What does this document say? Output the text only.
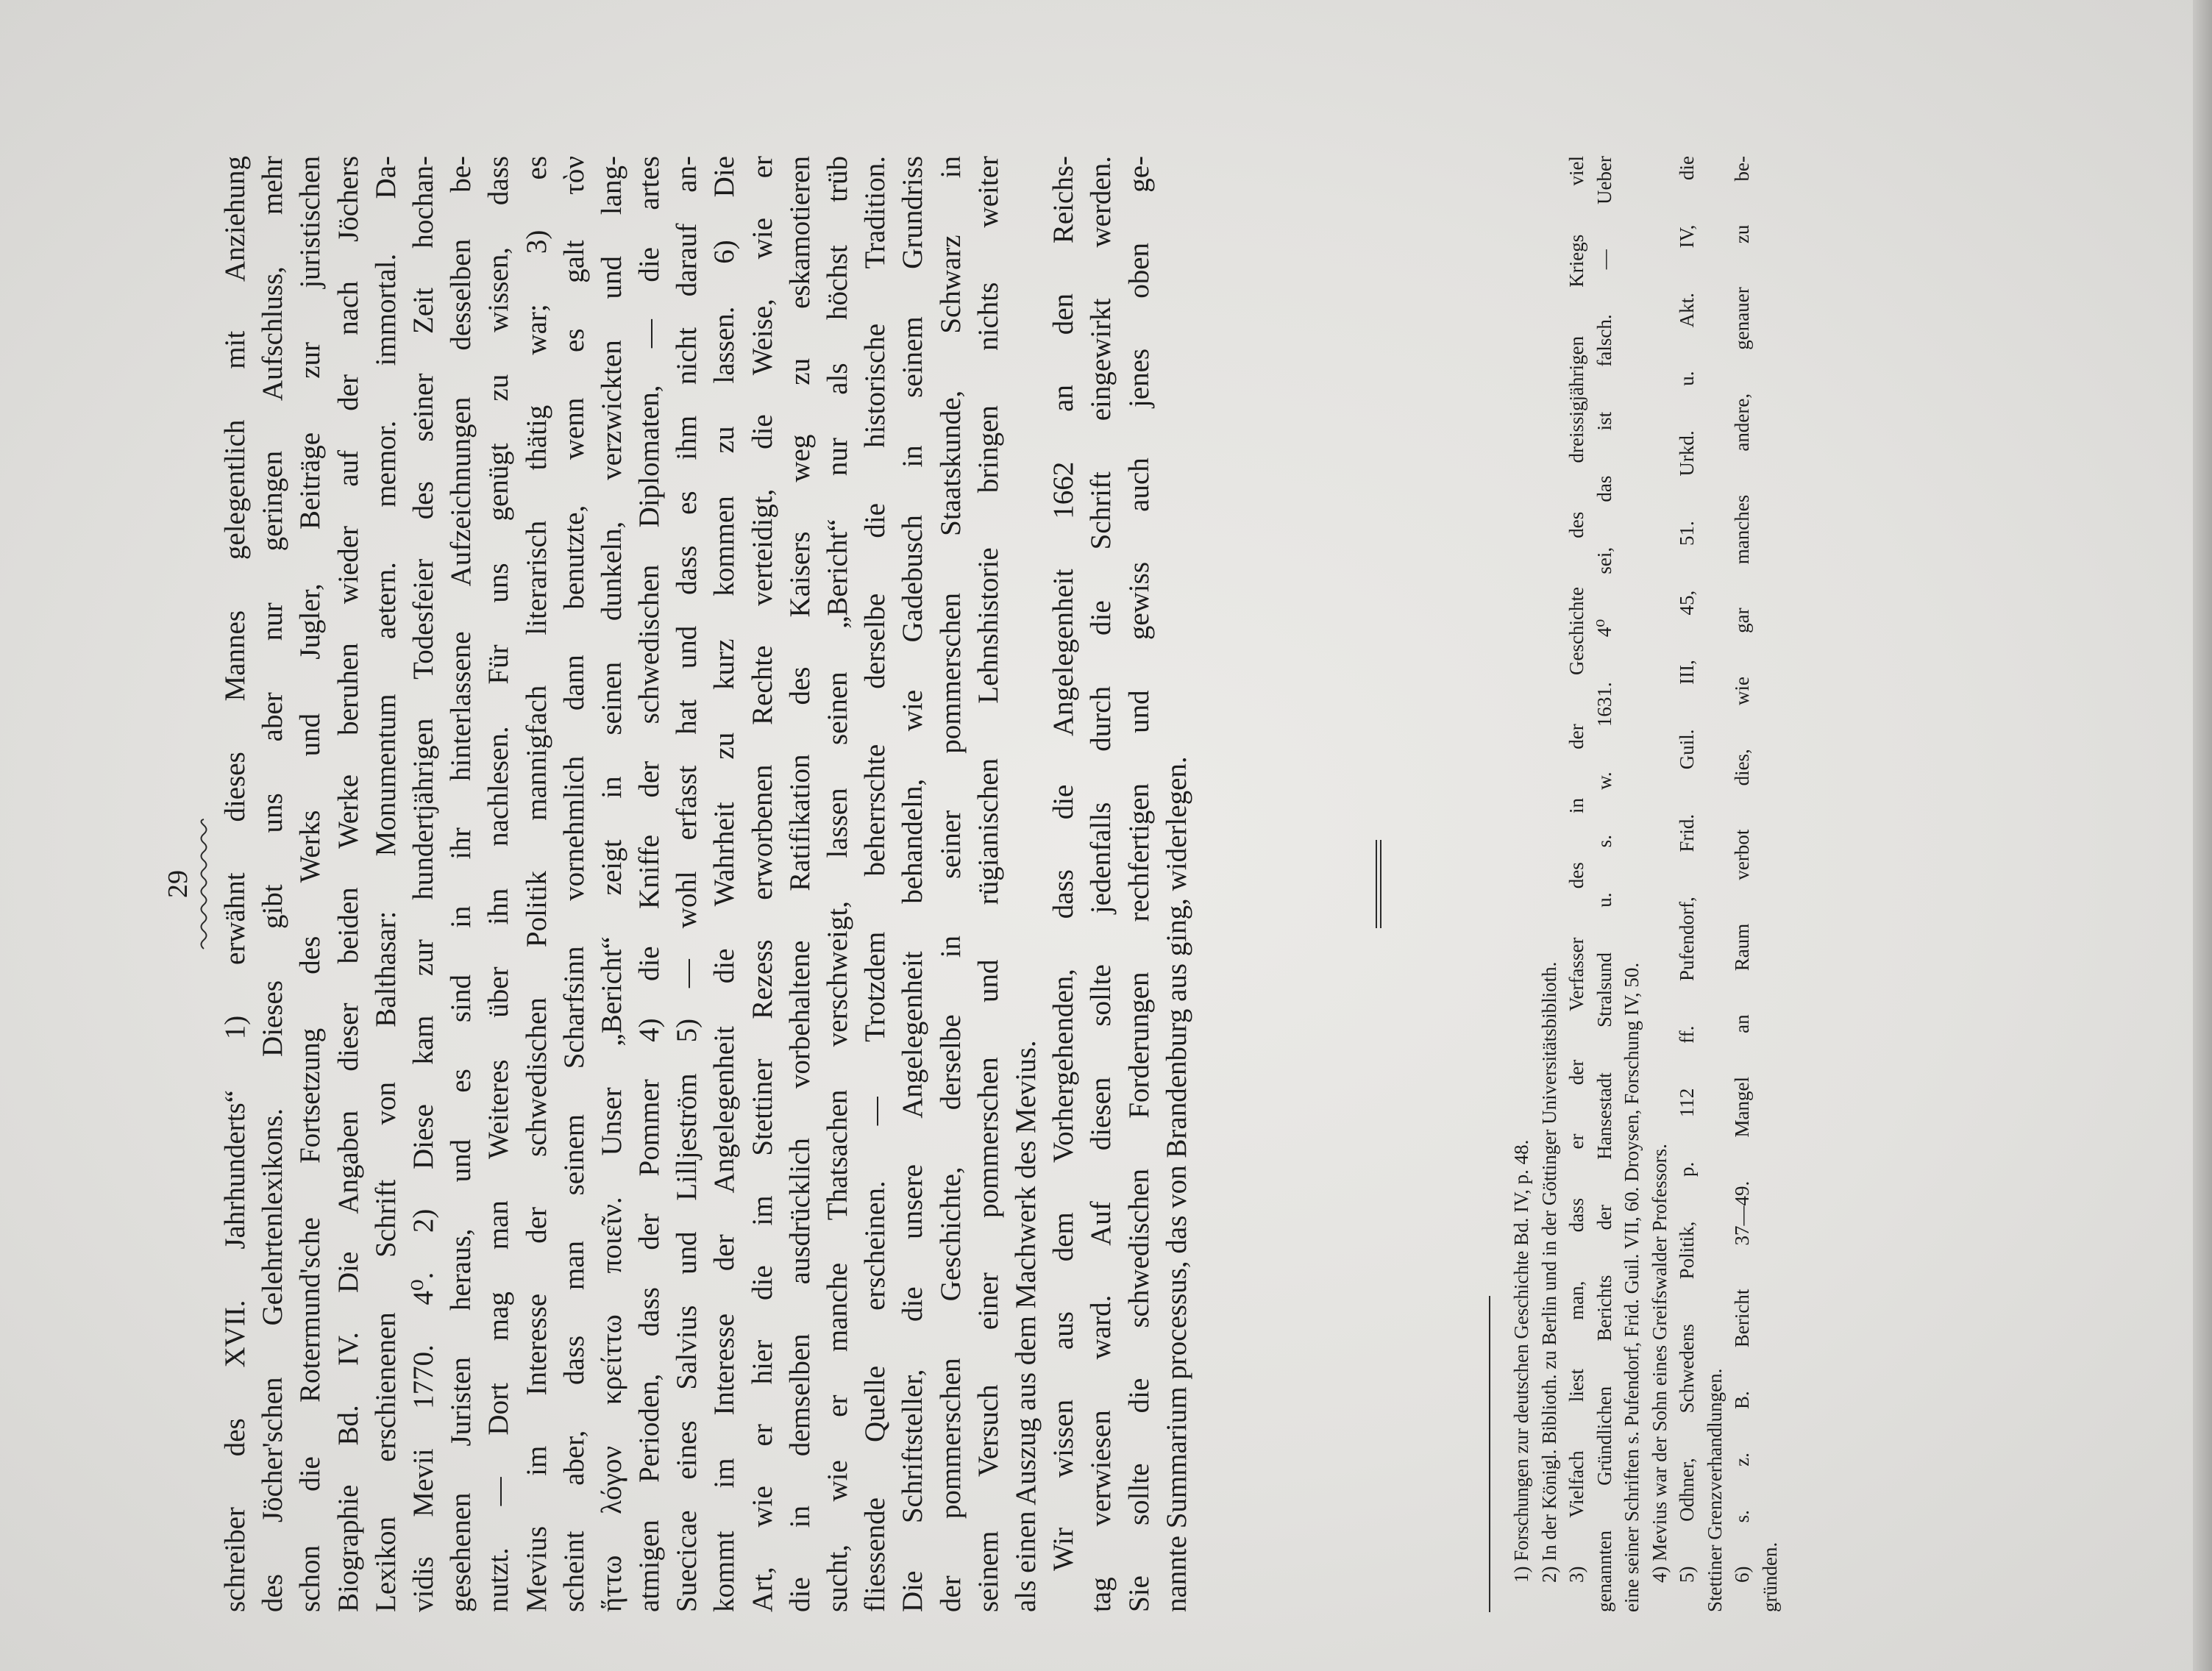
29 schreiber des XVII. Jahrhunderts“ 1) erwähnt dieses Mannes gelegentlich mit Anziehung des Jöcher'schen Gelehrtenlexikons. Dieses gibt uns aber nur geringen Aufschluss, mehr schon die Rotermund'sche Fortsetzung des Werks und Jugler, Beiträge zur juristischen Biographie Bd. IV. Die Angaben dieser beiden Werke beruhen wieder auf der nach Jöchers Lexikon erschienenen Schrift von Balthasar: Monumentum aetern. memor. immortal. Da- vidis Mevii 1770. 4⁰. 2) Diese kam zur hundertjährigen Todesfeier des seiner Zeit hochan- gesehenen Juristen heraus, und es sind in ihr hinterlassene Aufzeichnungen desselben be- nutzt. — Dort mag man Weiteres über ihn nachlesen. Für uns genügt zu wissen, dass Mevius im Interesse der schwedischen Politik mannigfach literarisch thätig war; 3) es scheint aber, dass man seinem Scharfsinn vornehmlich dann benutzte, wenn es galt τὸν ἥττω λόγον κρείττω ποιεῖν. Unser „Bericht“ zeigt in seinen dunkeln, verzwickten und lang- atmigen Perioden, dass der Pommer 4) die Kniffe der schwedischen Diplomaten, — die artes Suecicae eines Salvius und Lilljeström 5) — wohl erfasst hat und dass es ihm nicht darauf an- kommt im Interesse der Angelegenheit die Wahrheit zu kurz kommen zu lassen. 6) Die Art, wie er hier die im Stettiner Rezess erworbenen Rechte verteidigt, die Weise, wie er die in demselben ausdrücklich vorbehaltene Ratifikation des Kaisers weg zu eskamotieren sucht, wie er manche Thatsachen verschweigt, lassen seinen „Bericht“ nur als höchst trüb fliessende Quelle erscheinen. — Trotzdem beherrschte derselbe die historische Tradition. Die Schriftsteller, die unsere Angelegenheit behandeln, wie Gadebusch in seinem Grundriss der pommerschen Geschichte, derselbe in seiner pommerschen Staatskunde, Schwarz in seinem Versuch einer pommerschen und rügianischen Lehnshistorie bringen nichts weiter als einen Auszug aus dem Machwerk des Mevius. Wir wissen aus dem Vorhergehenden, dass die Angelegenheit 1662 an den Reichs- tag verwiesen ward. Auf diesen sollte jedenfalls durch die Schrift eingewirkt werden. Sie sollte die schwedischen Forderungen rechfertigen und gewiss auch jenes oben ge- nannte Summarium processus, das von Brandenburg aus ging, widerlegen.	1) Forschungen zur deutschen Geschichte Bd. IV, p. 48. 2) In der Königl. Biblioth. zu Berlin und in der Göttinger Universitätsbiblioth. 3) Vielfach liest man, dass er der Verfasser des in der Geschichte des dreissigjährigen Kriegs viel genannten Gründlichen Berichts der Hansestadt Stralsund u. s. w. 1631. 4⁰ sei, das ist falsch. — Ueber eine seiner Schriften s. Pufendorf, Frid. Guil. VII, 60. Droysen, Forschung IV, 50. 4) Mevius war der Sohn eines Greifswalder Professors. 5) Odhner, Schwedens Politik, p. 112 ff. Pufendorf, Frid. Guil. III, 45, 51. Urkd. u. Akt. IV, die Stettiner Grenzverhandlungen. 6) s. z. B. Bericht 37—49. Mangel an Raum verbot dies, wie gar manches andere, genauer zu be- gründen.
